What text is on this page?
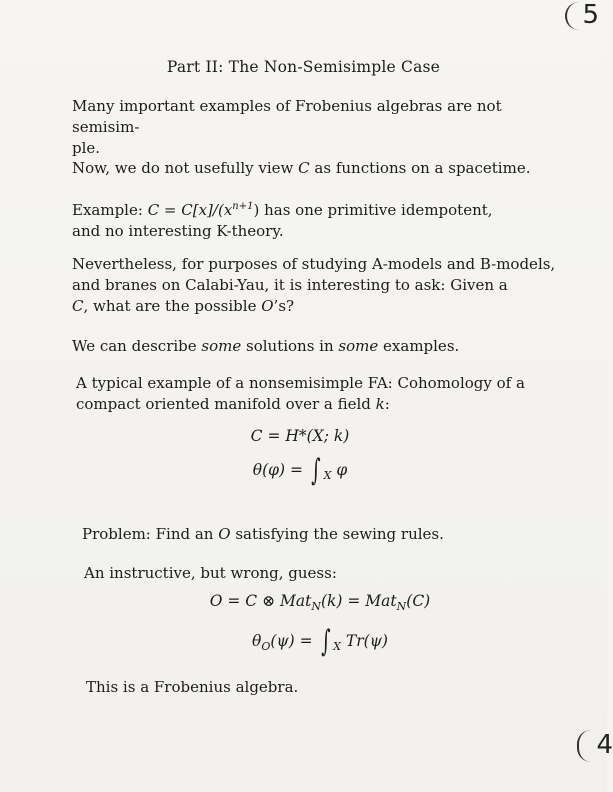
5
4
Part II: The Non-Semisimple Case
Many important examples of Frobenius algebras are not semisim-
ple.
Now, we do not usefully view C as functions on a spacetime.
Example: $C = C[x]/(x^{n+1})$ has one primitive idempotent,
and no interesting K-theory.
Nevertheless, for purposes of studying A-models and B-models,
and branes on Calabi-Yau, it is interesting to ask: Given a
C, what are the possible O’s?
We can describe some solutions in some examples.
A typical example of a nonsemisimple FA: Cohomology of a
compact oriented manifold over a field k:
C = H*(X; k)
θ(φ) = ∫ $_X$ φ
Problem: Find an O satisfying the sewing rules.
An instructive, but wrong, guess:
O = C ⊗ Mat$_N$(k) = Mat$_N$(C)
$\theta_O(\psi)$ = ∫ $_X$ Tr(ψ)
This is a Frobenius algebra.
